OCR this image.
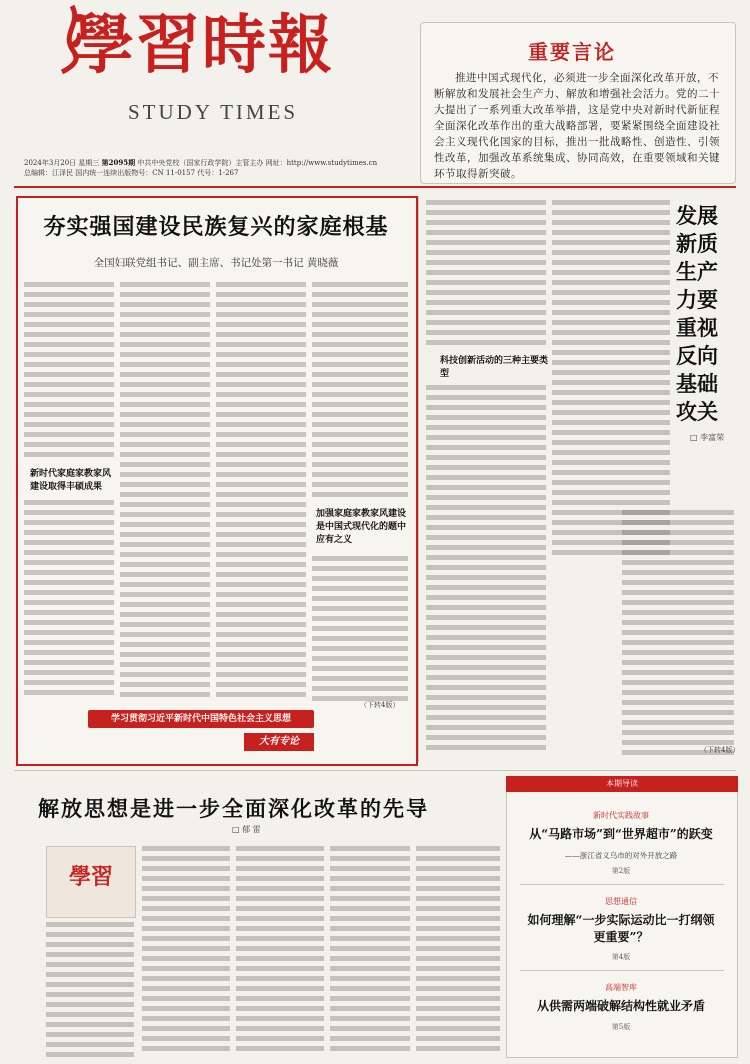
學習時報
STUDY TIMES
2024年3月20日 星期三 第2095期 中共中央党校（国家行政学院）主管主办 网址：http://www.studytimes.cn
总编辑：江泽民 国内统一连续出版物号：CN 11-0157 代号：1-267
重要言论
推进中国式现代化，必须进一步全面深化改革开放，不断解放和发展社会生产力、解放和增强社会活力。党的二十大提出了一系列重大改革举措，这是党中央对新时代新征程全面深化改革作出的重大战略部署，要紧紧围绕全面建设社会主义现代化国家的目标，推出一批战略性、创造性、引领性改革，加强改革系统集成、协同高效，在重要领域和关键环节取得新突破。
夯实强国建设民族复兴的家庭根基
全国妇联党组书记、副主席、书记处第一书记 黄晓薇
新时代家庭家教家风建设取得丰硕成果
加强家庭家教家风建设是中国式现代化的题中应有之义
（下转4版）
学习贯彻习近平新时代中国特色社会主义思想
大有专论
科技创新活动的三种主要类型
发展
新质
生产
力要
重视
反向
基础
攻关
□ 李富荣
（下转4版）
解放思想是进一步全面深化改革的先导
□ 郁 雷
學習
本期导读
新时代实践故事
从“马路市场”到“世界超市”的跃变
——浙江省义乌市的对外开放之路
第2版
思想通信
如何理解“一步实际运动比一打纲领更重要”？
第4版
高端智库
从供需两端破解结构性就业矛盾
第5版
